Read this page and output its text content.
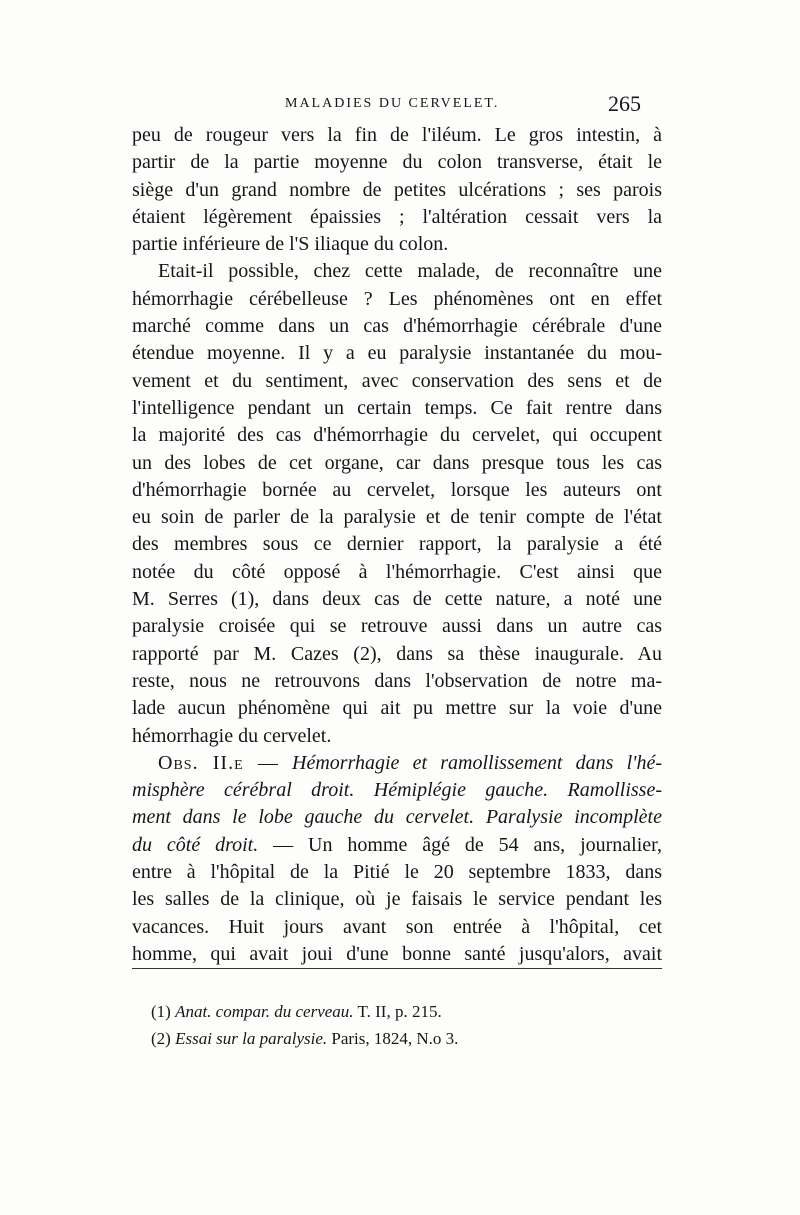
MALADIES DU CERVELET.	265
peu de rougeur vers la fin de l'iléum. Le gros intestin, à
partir de la partie moyenne du colon transverse, était le
siège d'un grand nombre de petites ulcérations ; ses parois
étaient légèrement épaissies ; l'altération cessait vers la
partie inférieure de l'S iliaque du colon.
Etait-il possible, chez cette malade, de reconnaître une
hémorrhagie cérébelleuse ? Les phénomènes ont en effet
marché comme dans un cas d'hémorrhagie cérébrale d'une
étendue moyenne. Il y a eu paralysie instantanée du mou-
vement et du sentiment, avec conservation des sens et de
l'intelligence pendant un certain temps. Ce fait rentre dans
la majorité des cas d'hémorrhagie du cervelet, qui occupent
un des lobes de cet organe, car dans presque tous les cas
d'hémorrhagie bornée au cervelet, lorsque les auteurs ont
eu soin de parler de la paralysie et de tenir compte de l'état
des membres sous ce dernier rapport, la paralysie a été
notée du côté opposé à l'hémorrhagie. C'est ainsi que
M. Serres (1), dans deux cas de cette nature, a noté une
paralysie croisée qui se retrouve aussi dans un autre cas
rapporté par M. Cazes (2), dans sa thèse inaugurale. Au
reste, nous ne retrouvons dans l'observation de notre ma-
lade aucun phénomène qui ait pu mettre sur la voie d'une
hémorrhagie du cervelet.
Obs. II.e — Hémorrhagie et ramollissement dans l'hé-
misphère cérébral droit. Hémiplégie gauche. Ramollisse-
ment dans le lobe gauche du cervelet. Paralysie incomplète
du côté droit. — Un homme âgé de 54 ans, journalier,
entre à l'hôpital de la Pitié le 20 septembre 1833, dans
les salles de la clinique, où je faisais le service pendant les
vacances. Huit jours avant son entrée à l'hôpital, cet
homme, qui avait joui d'une bonne santé jusqu'alors, avait
(1) Anat. compar. du cerveau. T. II, p. 215.
(2) Essai sur la paralysie. Paris, 1824, N.o 3.
